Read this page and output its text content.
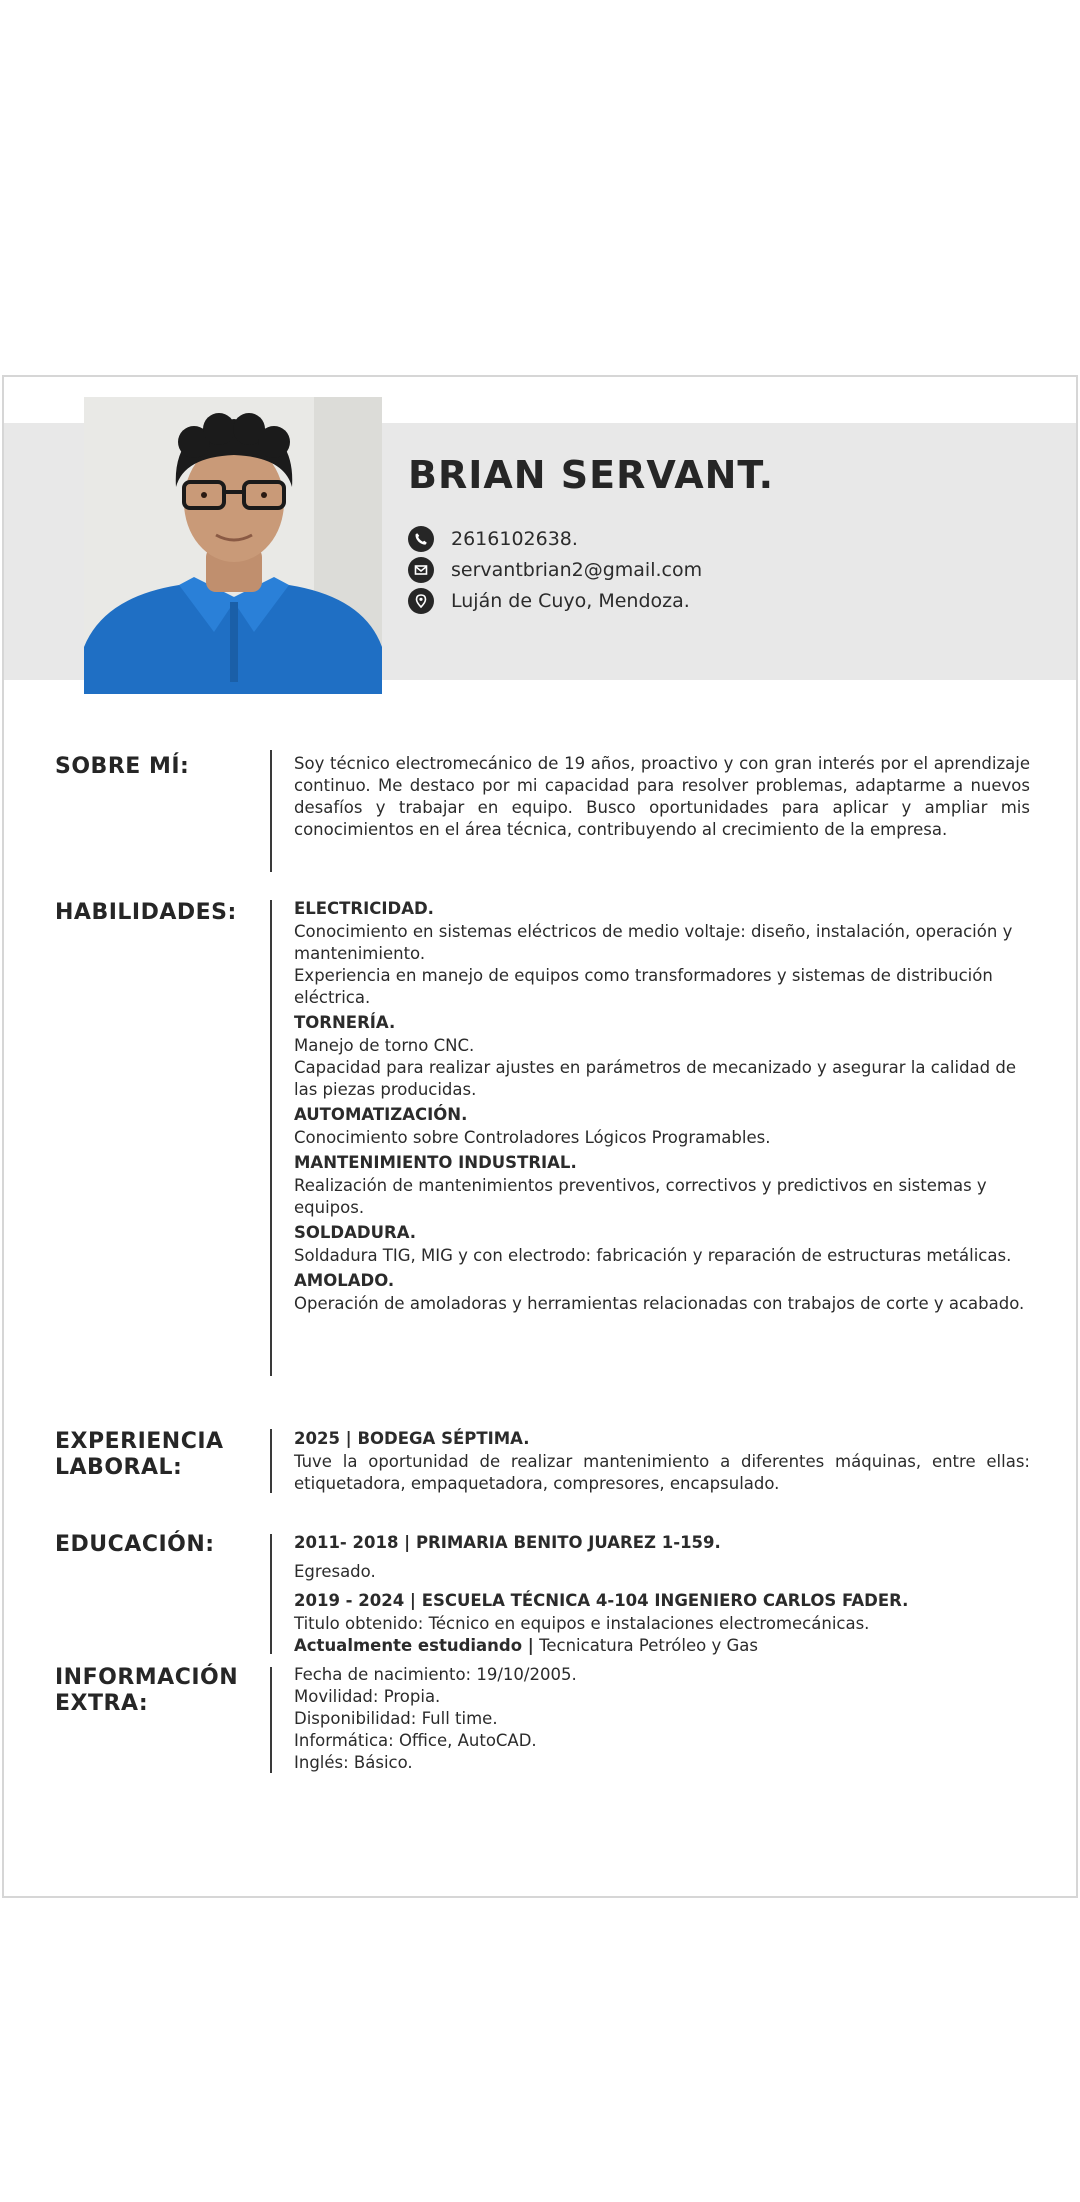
BRIAN SERVANT.
2616102638.
servantbrian2@gmail.com
Luján de Cuyo, Mendoza.
SOBRE MÍ:	Soy técnico electromecánico de 19 años, proactivo y con gran interés por el aprendizaje continuo. Me destaco por mi capacidad para resolver problemas, adaptarme a nuevos desafíos y trabajar en equipo. Busco oportunidades para aplicar y ampliar mis conocimientos en el área técnica, contribuyendo al crecimiento de la empresa.
HABILIDADES:	ELECTRICIDAD.
Conocimiento en sistemas eléctricos de medio voltaje: diseño, instalación, operación y mantenimiento.
Experiencia en manejo de equipos como transformadores y sistemas de distribución eléctrica.
TORNERÍA.
Manejo de torno CNC.
Capacidad para realizar ajustes en parámetros de mecanizado y asegurar la calidad de las piezas producidas.
AUTOMATIZACIÓN.
Conocimiento sobre Controladores Lógicos Programables.
MANTENIMIENTO INDUSTRIAL.
Realización de mantenimientos preventivos, correctivos y predictivos en sistemas y equipos.
SOLDADURA.
Soldadura TIG, MIG y con electrodo: fabricación y reparación de estructuras metálicas.
AMOLADO.
Operación de amoladoras y herramientas relacionadas con trabajos de corte y acabado.
EXPERIENCIA
LABORAL:
2025 | BODEGA SÉPTIMA.
Tuve la oportunidad de realizar mantenimiento a diferentes máquinas, entre ellas: etiquetadora, empaquetadora, compresores, encapsulado.
EDUCACIÓN:	2011- 2018 | PRIMARIA BENITO JUAREZ 1-159.
Egresado.
2019 - 2024 | ESCUELA TÉCNICA 4-104 INGENIERO CARLOS FADER.
Titulo obtenido: Técnico en equipos e instalaciones electromecánicas.
Actualmente estudiando | Tecnicatura Petróleo y Gas
INFORMACIÓN
EXTRA:
Fecha de nacimiento: 19/10/2005.
Movilidad: Propia.
Disponibilidad: Full time.
Informática: Office, AutoCAD.
Inglés: Básico.
